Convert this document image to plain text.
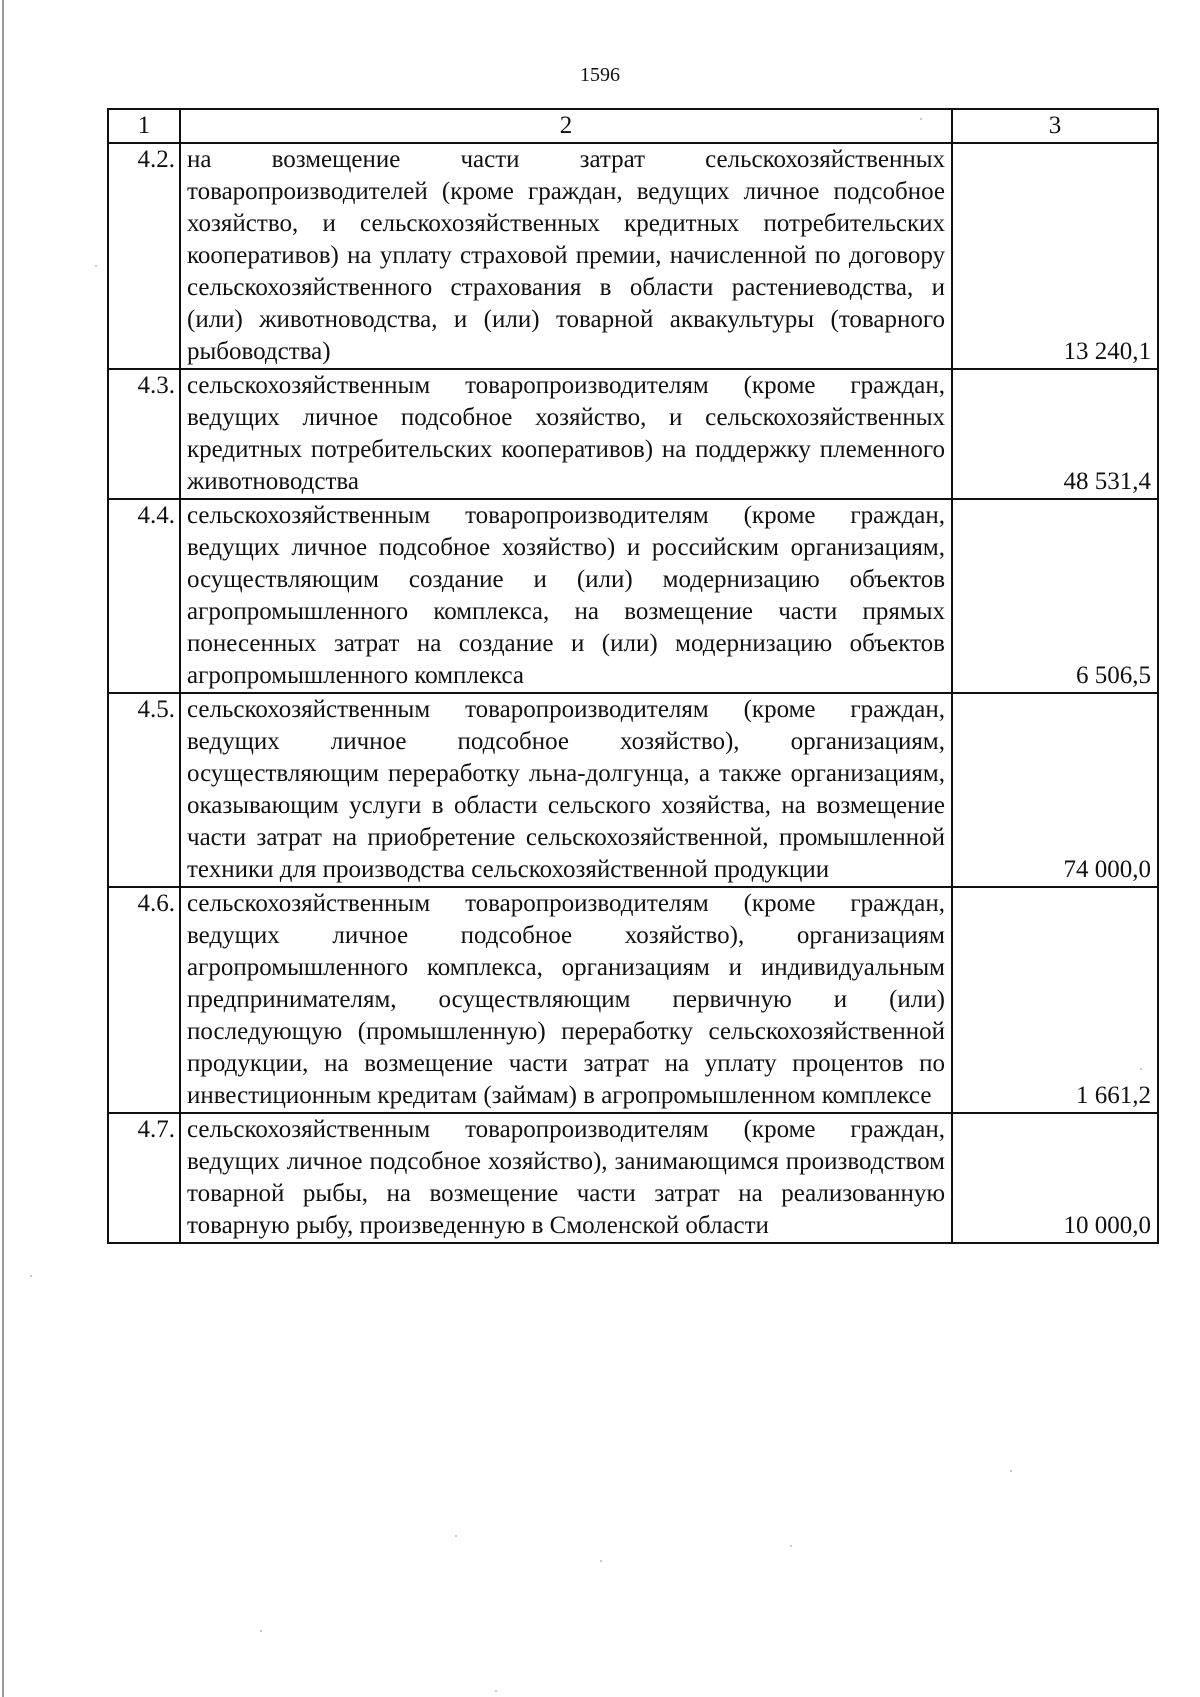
1596
1	2	3
4.2.	на возмещение части затрат сельскохозяйственных товаропроизводителей (кроме граждан, ведущих личное подсобное хозяйство, и сельскохозяйственных кредитных потребительских кооперативов) на уплату страховой премии, начисленной по договору сельскохозяйственного страхования в области растениеводства, и (или) животноводства, и (или) товарной аквакультуры (товарного рыбоводства)	13 240,1
4.3.	сельскохозяйственным товаропроизводителям (кроме граждан, ведущих личное подсобное хозяйство, и сельскохозяйственных кредитных потребительских кооперативов) на поддержку племенного животноводства	48 531,4
4.4.	сельскохозяйственным товаропроизводителям (кроме граждан, ведущих личное подсобное хозяйство) и российским организациям, осуществляющим создание и (или) модернизацию объектов агропромышленного комплекса, на возмещение части прямых понесенных затрат на создание и (или) модернизацию объектов агропромышленного комплекса	6 506,5
4.5.	сельскохозяйственным товаропроизводителям (кроме граждан, ведущих личное подсобное хозяйство), организациям, осуществляющим переработку льна-долгунца, а также организациям, оказывающим услуги в области сельского хозяйства, на возмещение части затрат на приобретение сельскохозяйственной, промышленной техники для производства сельскохозяйственной продукции	74 000,0
4.6.	сельскохозяйственным товаропроизводителям (кроме граждан, ведущих личное подсобное хозяйство), организациям агропромышленного комплекса, организациям и индивидуальным предпринимателям, осуществляющим первичную и (или) последующую (промышленную) переработку сельскохозяйственной продукции, на возмещение части затрат на уплату процентов по инвестиционным кредитам (займам) в агропромышленном комплексе	1 661,2
4.7.	сельскохозяйственным товаропроизводителям (кроме граждан, ведущих личное подсобное хозяйство), занимающимся производством товарной рыбы, на возмещение части затрат на реализованную товарную рыбу, произведенную в Смоленской области	10 000,0
